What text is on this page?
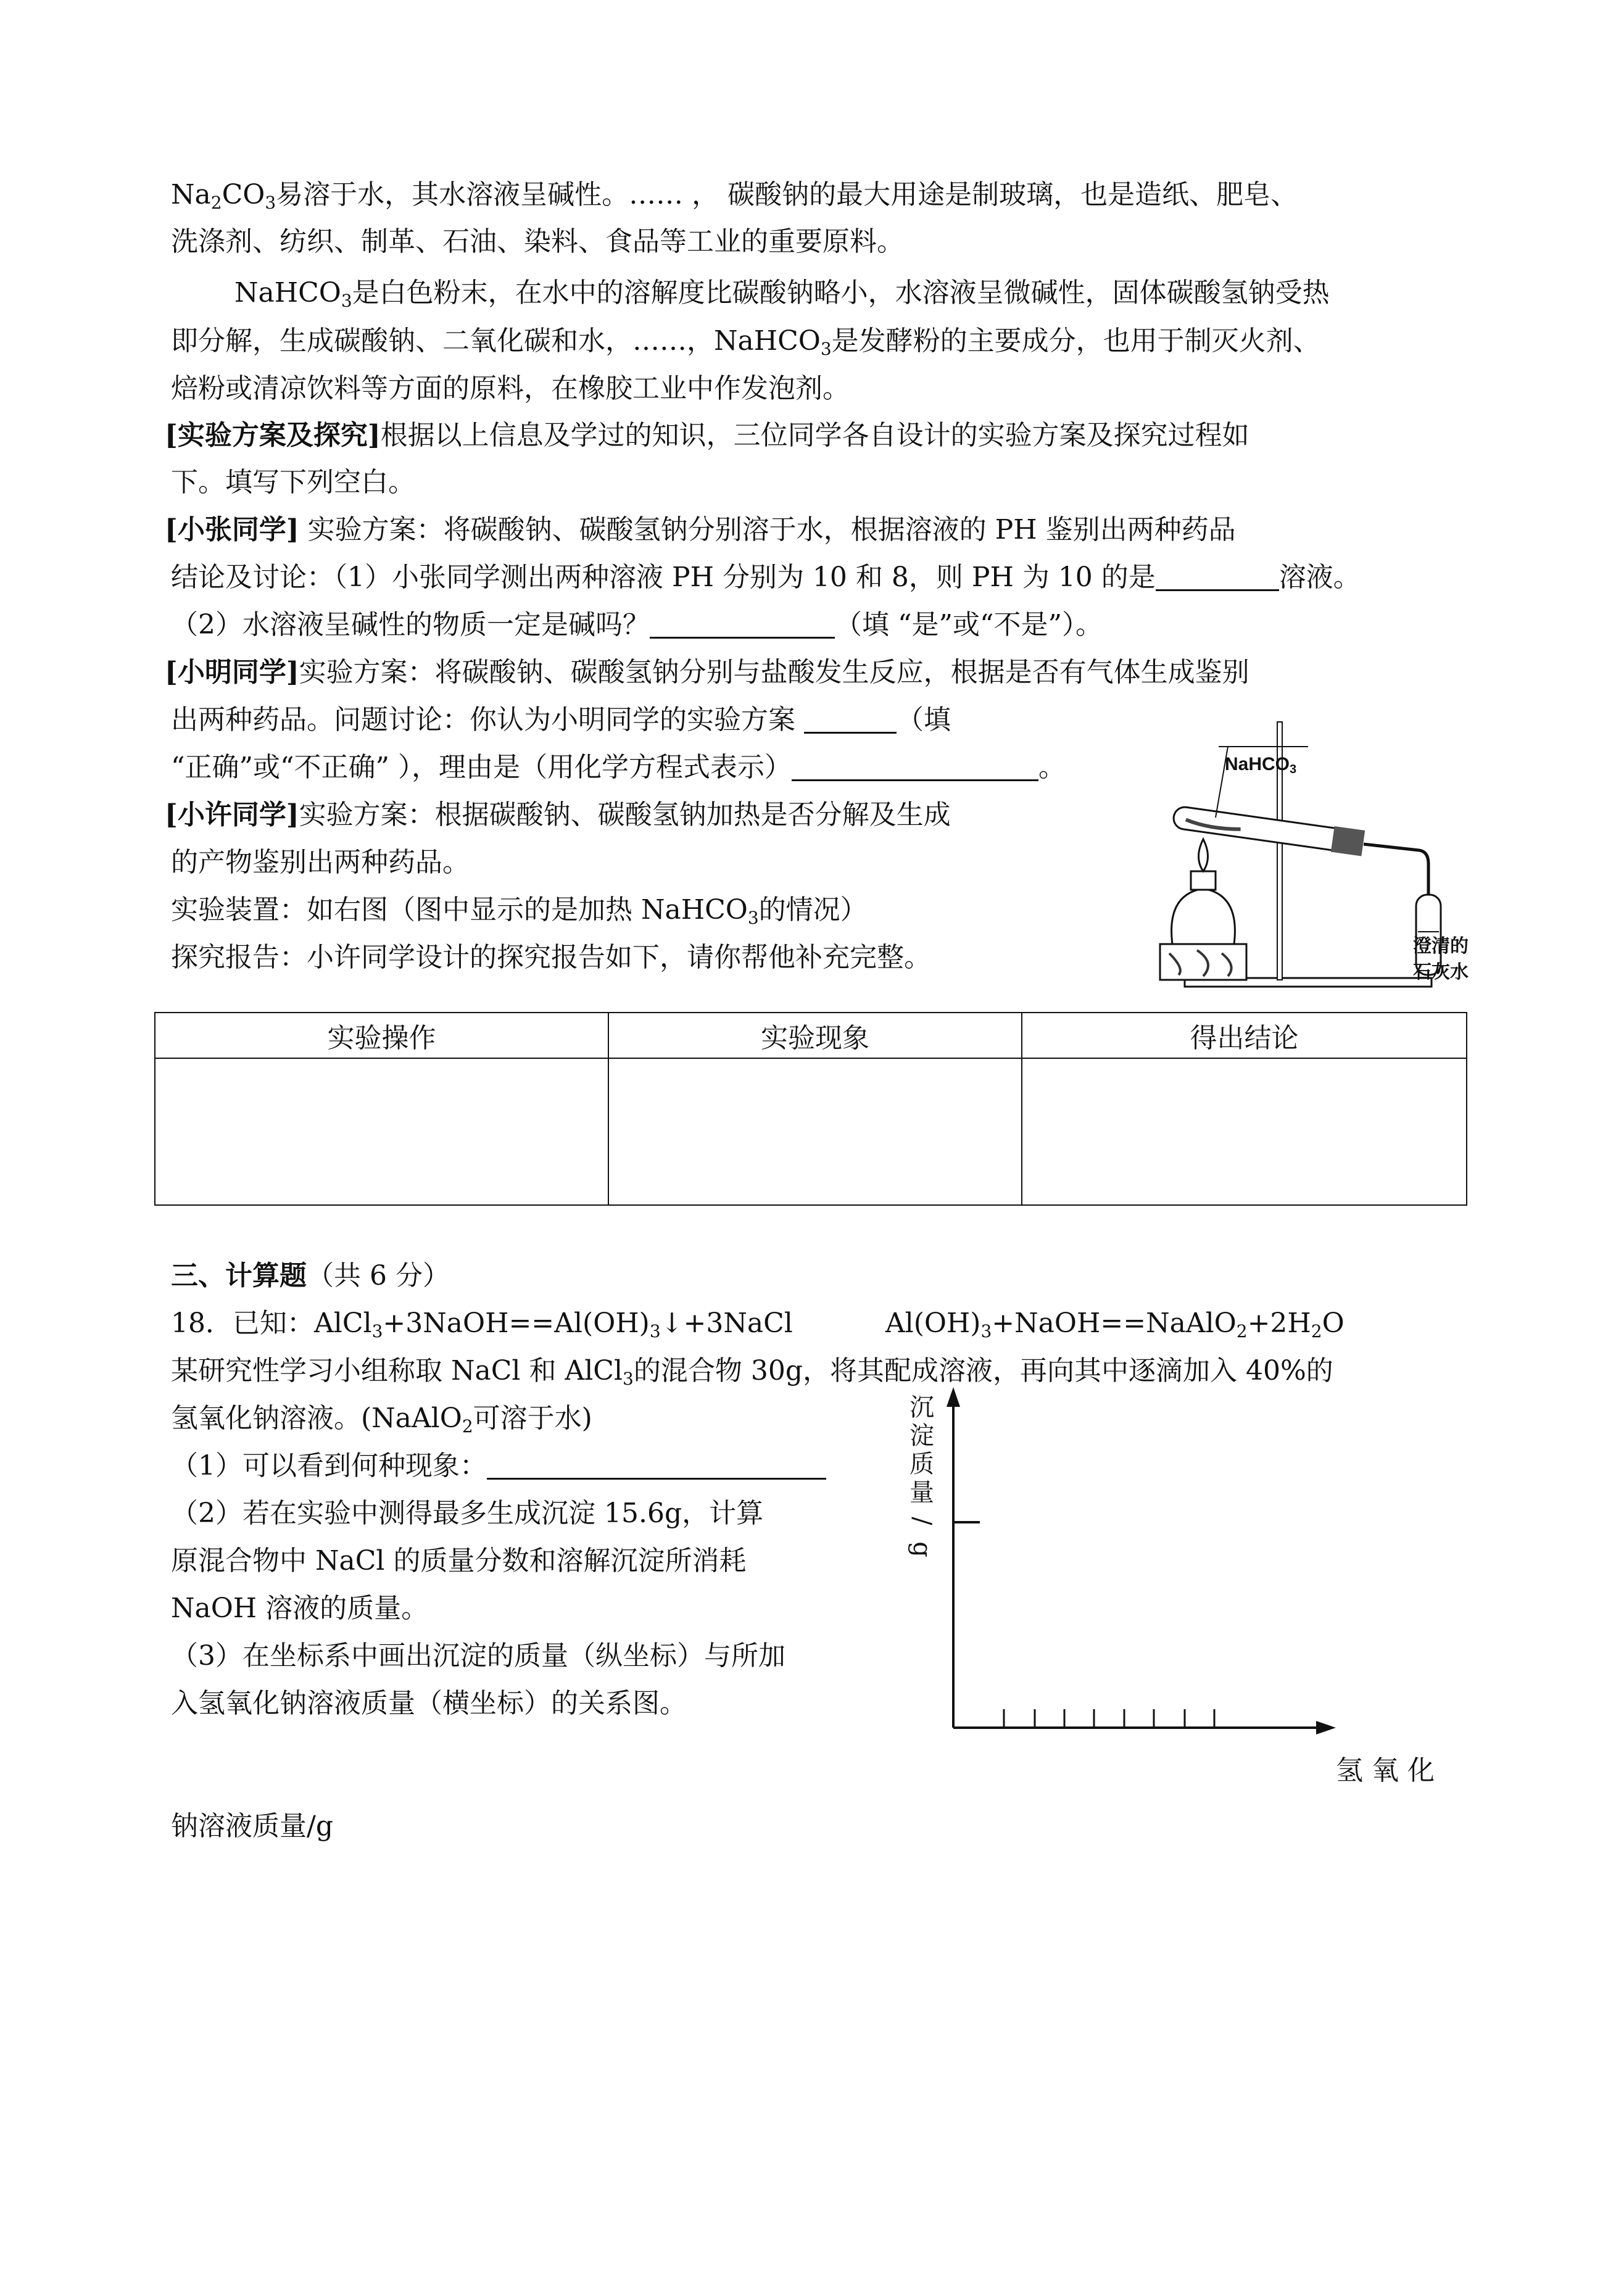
$Na_2CO_3$易溶于水，其水溶液呈碱性。…… ， 碳酸钠的最大用途是制玻璃，也是造纸、肥皂、
洗涤剂、纺织、制革、石油、染料、食品等工业的重要原料。
NaHCO$_3$是白色粉末，在水中的溶解度比碳酸钠略小，水溶液呈微碱性，固体碳酸氢钠受热
即分解，生成碳酸钠、二氧化碳和水，……，NaHCO$_3$是发酵粉的主要成分，也用于制灭火剂、
焙粉或清凉饮料等方面的原料，在橡胶工业中作发泡剂。
[实验方案及探究]根据以上信息及学过的知识，三位同学各自设计的实验方案及探究过程如
下。填写下列空白。
[小张同学] 实验方案：将碳酸钠、碳酸氢钠分别溶于水，根据溶液的 PH 鉴别出两种药品
结论及讨论：（1）小张同学测出两种溶液 PH 分别为 10 和 8，则 PH 为 10 的是	溶液。
（2）水溶液呈碱性的物质一定是碱吗？	（填 “是”或“不是”）。
[小明同学]实验方案：将碳酸钠、碳酸氢钠分别与盐酸发生反应，根据是否有气体生成鉴别
出两种药品。问题讨论：你认为小明同学的实验方案	（填
“正确”或“不正确” ），理由是（用化学方程式表示）	。
[小许同学]实验方案：根据碳酸钠、碳酸氢钠加热是否分解及生成
的产物鉴别出两种药品。
实验装置：如右图（图中显示的是加热 NaHCO$_3$的情况）
探究报告：小许同学设计的探究报告如下，请你帮他补充完整。
NaHCO$_3$
澄清的
石灰水
实验操作	实验现象	得出结论

三、计算题（共 6 分）
18．已知：$AlCl_3+3NaOH==Al(OH)_3↓+3NaCl$	$Al(OH)_3+NaOH==NaAlO_2+2H_2O$
某研究性学习小组称取 NaCl 和 AlCl$_3$的混合物 30g，将其配成溶液，再向其中逐滴加入 40%的
氢氧化钠溶液。(NaAlO$_2$可溶于水)
（1）可以看到何种现象：
（2）若在实验中测得最多生成沉淀 15.6g，计算
原混合物中 NaCl 的质量分数和溶解沉淀所消耗
NaOH 溶液的质量。
（3）在坐标系中画出沉淀的质量（纵坐标）与所加
入氢氧化钠溶液质量（横坐标）的关系图。
沉
淀
质
量
/
g
氢 氧 化
钠溶液质量/g
